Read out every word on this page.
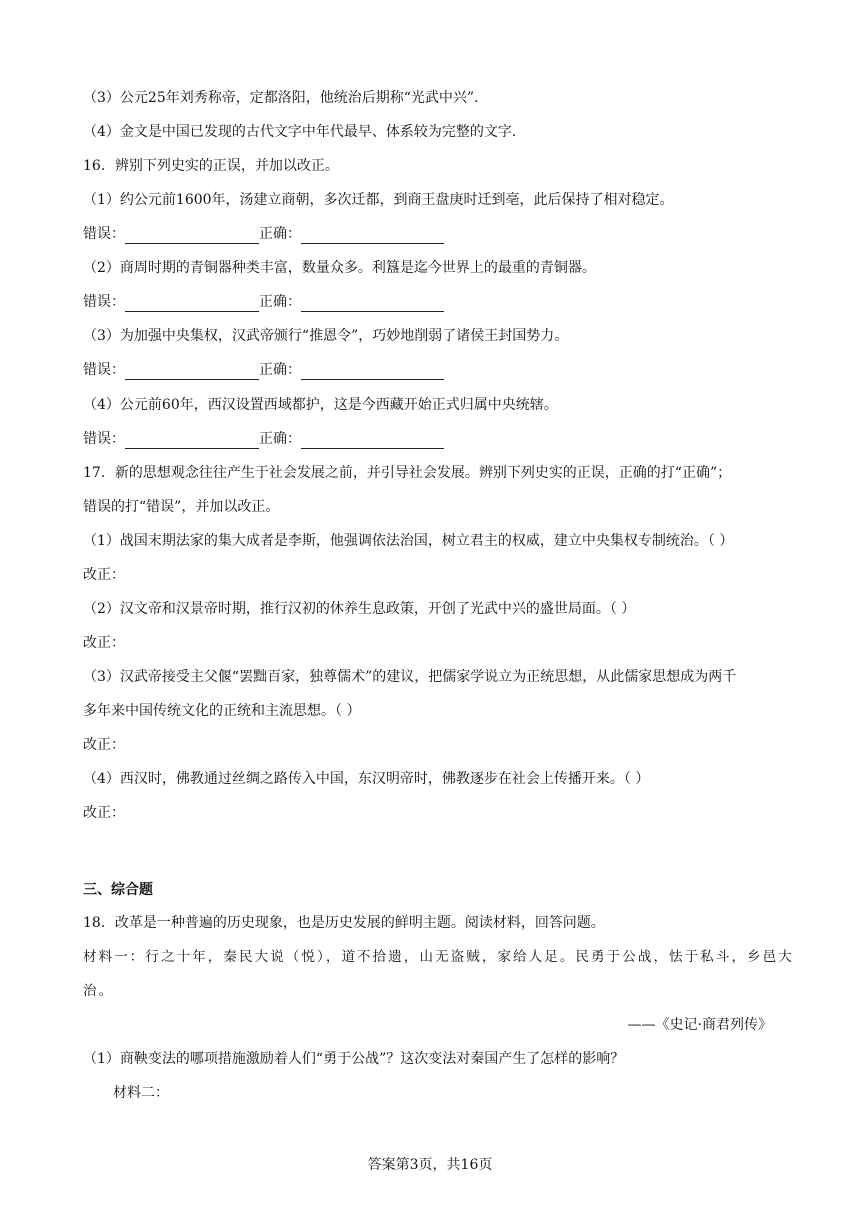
（3）公元25年刘秀称帝，定都洛阳，他统治后期称“光武中兴”.
（4）金文是中国已发现的古代文字中年代最早、体系较为完整的文字.
16．辨别下列史实的正误，并加以改正。
（1）约公元前1600年，汤建立商朝，多次迁都，到商王盘庚时迁到亳，此后保持了相对稳定。
错误：	正确：
（2）商周时期的青铜器种类丰富，数量众多。利簋是迄今世界上的最重的青铜器。
错误：	正确：
（3）为加强中央集权，汉武帝颁行“推恩令”，巧妙地削弱了诸侯王封国势力。
错误：	正确：
（4）公元前60年，西汉设置西域都护，这是今西藏开始正式归属中央统辖。
错误：	正确：
17．新的思想观念往往产生于社会发展之前，并引导社会发展。辨别下列史实的正误，正确的打“正确”；
错误的打“错误”，并加以改正。
（1）战国末期法家的集大成者是李斯，他强调依法治国，树立君主的权威，建立中央集权专制统治。（ ）
改正：
（2）汉文帝和汉景帝时期，推行汉初的休养生息政策，开创了光武中兴的盛世局面。（ ）
改正：
（3）汉武帝接受主父偃“罢黜百家，独尊儒术”的建议，把儒家学说立为正统思想，从此儒家思想成为两千
多年来中国传统文化的正统和主流思想。（ ）
改正：
（4）西汉时，佛教通过丝绸之路传入中国，东汉明帝时，佛教逐步在社会上传播开来。（ ）
改正：
三、综合题
18．改革是一种普遍的历史现象，也是历史发展的鲜明主题。阅读材料，回答问题。
材料一：行之十年，秦民大说（悦），道不拾遗，山无盗贼，家给人足。民勇于公战，怯于私斗，乡邑大
治。
——《史记·商君列传》
（1）商鞅变法的哪项措施激励着人们“勇于公战”？这次变法对秦国产生了怎样的影响？
材料二：
答案第3页，共16页
